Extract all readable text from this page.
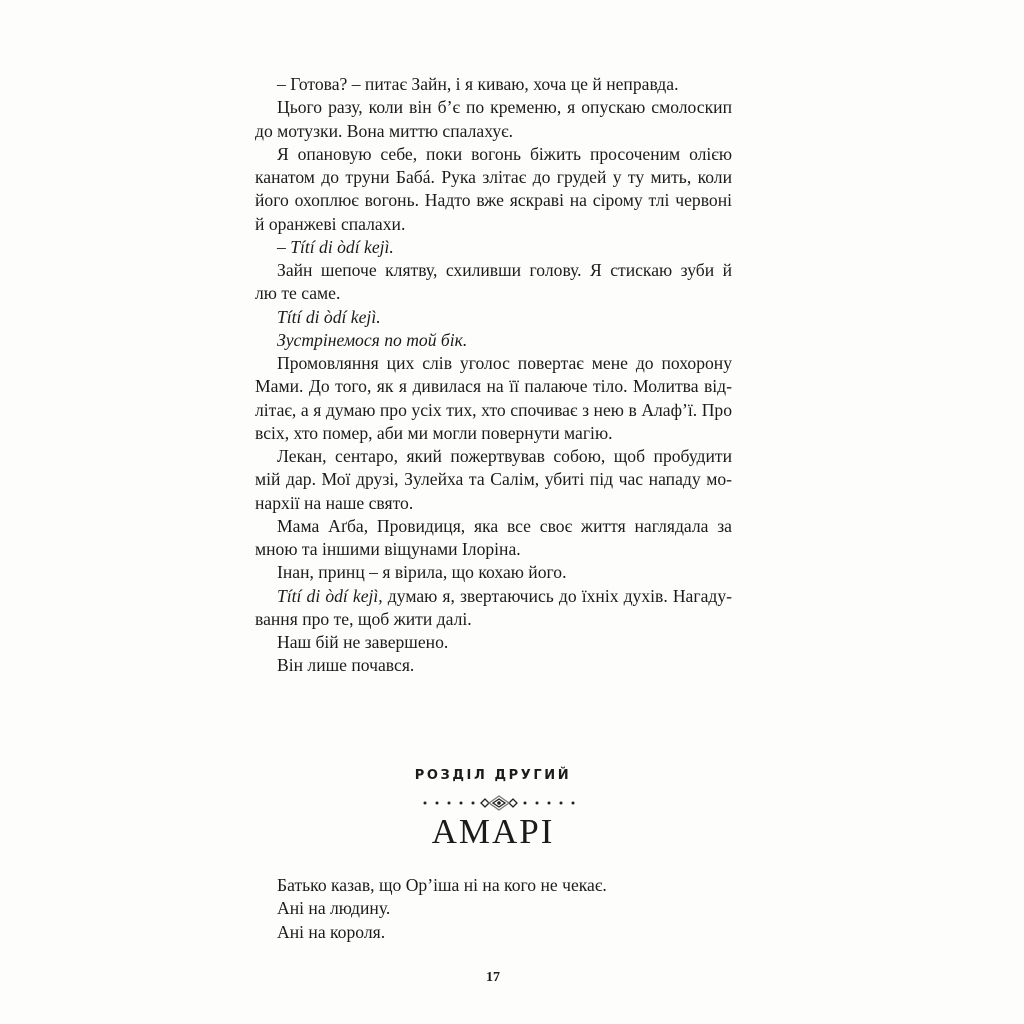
– Готова? – питає Зайн, і я киваю, хоча це й неправда.
Цього разу, коли він б’є по кременю, я опускаю смолоскип
до мотузки. Вона миттю спалахує.
Я опановую себе, поки вогонь біжить просоченим олією
канатом до труни Бабá. Рука злітає до грудей у ту мить, коли
його охоплює вогонь. Надто вже яскраві на сірому тлі червоні
й оранжеві спалахи.
– Títí di òdí kejì.
Зайн шепоче клятву, схиливши голову. Я стискаю зуби й
лю те саме.
Títí di òdí kejì.
Зустрінемося по той бік.
Промовляння цих слів уголос повертає мене до похорону
Мами. До того, як я дивилася на її палаюче тіло. Молитва від-
літає, а я думаю про усіх тих, хто спочиває з нею в Алаф’ї. Про
всіх, хто помер, аби ми могли повернути магію.
Лекан, сентаро, який пожертвував собою, щоб пробудити
мій дар. Мої друзі, Зулейха та Салім, убиті під час нападу мо-
нархії на наше свято.
Мама Аґба, Провидиця, яка все своє життя наглядала за
мною та іншими віщунами Ілоріна.
Інан, принц – я вірила, що кохаю його.
Títí di òdí kejì, думаю я, звертаючись до їхніх духів. Нагаду-
вання про те, щоб жити далі.
Наш бій не завершено.
Він лише почався.
РОЗДІЛ ДРУГИЙ
АМАРІ
Батько казав, що Ор’іша ні на кого не чекає.
Ані на людину.
Ані на короля.
17
